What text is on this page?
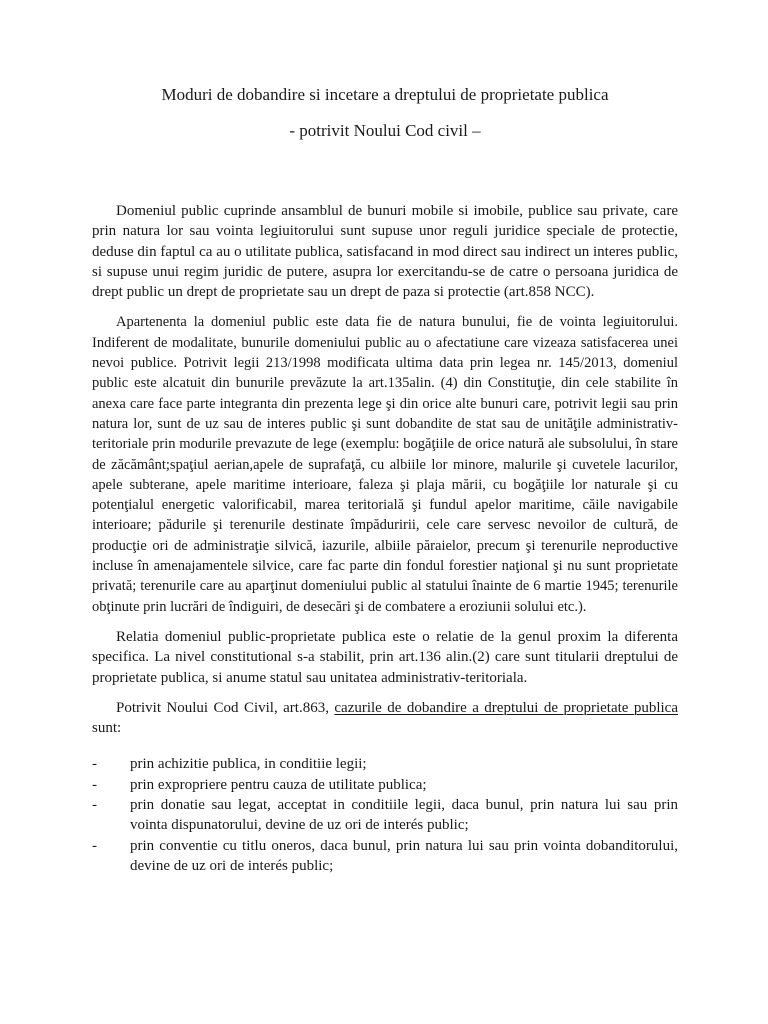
Moduri de dobandire si incetare a dreptului de proprietate publica

- potrivit Noului Cod civil –

Domeniul public cuprinde ansamblul de bunuri mobile si imobile, publice sau private, care prin natura lor sau vointa legiuitorului sunt supuse unor reguli juridice speciale de protectie, deduse din faptul ca au o utilitate publica, satisfacand in mod direct sau indirect un interes public, si supuse unui regim juridic de putere, asupra lor exercitandu-se de catre o persoana juridica de drept public un drept de proprietate sau un drept de paza si protectie (art.858 NCC).

Apartenenta la domeniul public este data fie de natura bunului, fie de vointa legiuitorului. Indiferent de modalitate, bunurile domeniului public au o afectatiune care vizeaza satisfacerea unei nevoi publice. Potrivit legii 213/1998 modificata ultima data prin legea nr. 145/2013, domeniul public este alcatuit din bunurile prevăzute la art.135alin. (4) din Constituţie, din cele stabilite în anexa care face parte integranta din prezenta lege şi din orice alte bunuri care, potrivit legii sau prin natura lor, sunt de uz sau de interes public şi sunt dobandite de stat sau de unităţile administrativ-teritoriale prin modurile prevazute de lege (exemplu: bogăţiile de orice natură ale subsolului, în stare de zăcământ;spaţiul aerian,apele de suprafaţă, cu albiile lor minore, malurile şi cuvetele lacurilor, apele subterane, apele maritime interioare, faleza şi plaja mării, cu bogăţiile lor naturale şi cu potenţialul energetic valorificabil, marea teritorială şi fundul apelor maritime, căile navigabile interioare; pădurile şi terenurile destinate împăduririi, cele care servesc nevoilor de cultură, de producţie ori de administraţie silvică, iazurile, albiile păraielor, precum şi terenurile neproductive incluse în amenajamentele silvice, care fac parte din fondul forestier naţional şi nu sunt proprietate privată; terenurile care au aparţinut domeniului public al statului înainte de 6 martie 1945; terenurile obţinute prin lucrări de îndiguiri, de desecări şi de combatere a eroziunii solului etc.).

Relatia domeniul public-proprietate publica este o relatie de la genul proxim la diferenta specifica. La nivel constitutional s-a stabilit, prin art.136 alin.(2) care sunt titularii dreptului de proprietate publica, si anume statul sau unitatea administrativ-teritoriala.

Potrivit Noului Cod Civil, art.863, cazurile de dobandire a dreptului de proprietate publica sunt:

- prin achizitie publica, in conditiie legii;
- prin expropriere pentru cauza de utilitate publica;
- prin donatie sau legat, acceptat in conditiile legii, daca bunul, prin natura lui sau prin vointa dispunatorului, devine de uz ori de interés public;
- prin conventie cu titlu oneros, daca bunul, prin natura lui sau prin vointa dobanditorului, devine de uz ori de interés public;
